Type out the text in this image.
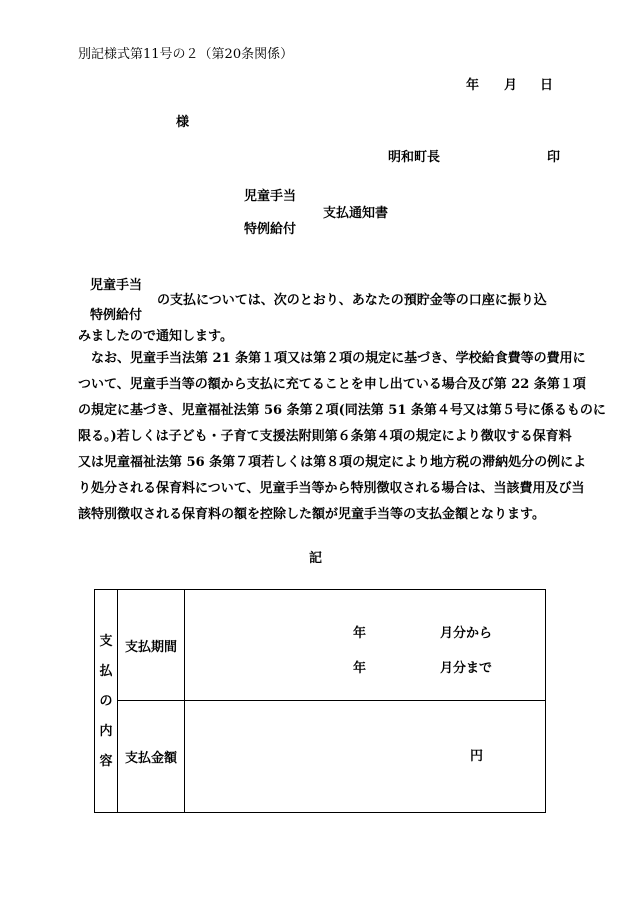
別記様式第11号の２（第20条関係）
年 月 日
様
明和町長	印
児童手当
支払通知書
特例給付
児童手当
の支払については、次のとおり、あなたの預貯金等の口座に振り込
特例給付
みましたので通知します。
　なお、児童手当法第 21 条第１項又は第２項の規定に基づき、学校給食費等の費用に
ついて、児童手当等の額から支払に充てることを申し出ている場合及び第 22 条第１項
の規定に基づき、児童福祉法第 56 条第２項(同法第 51 条第４号又は第５号に係るものに
限る。)若しくは子ども・子育て支援法附則第６条第４項の規定により徴収する保育料
又は児童福祉法第 56 条第７項若しくは第８項の規定により地方税の滞納処分の例によ
り処分される保育料について、児童手当等から特別徴収される場合は、当該費用及び当
該特別徴収される保育料の額を控除した額が児童手当等の支払金額となります。
記
支
払
の
内
容	支払期間	年 月分から
年 月分まで

	支払金額	円
